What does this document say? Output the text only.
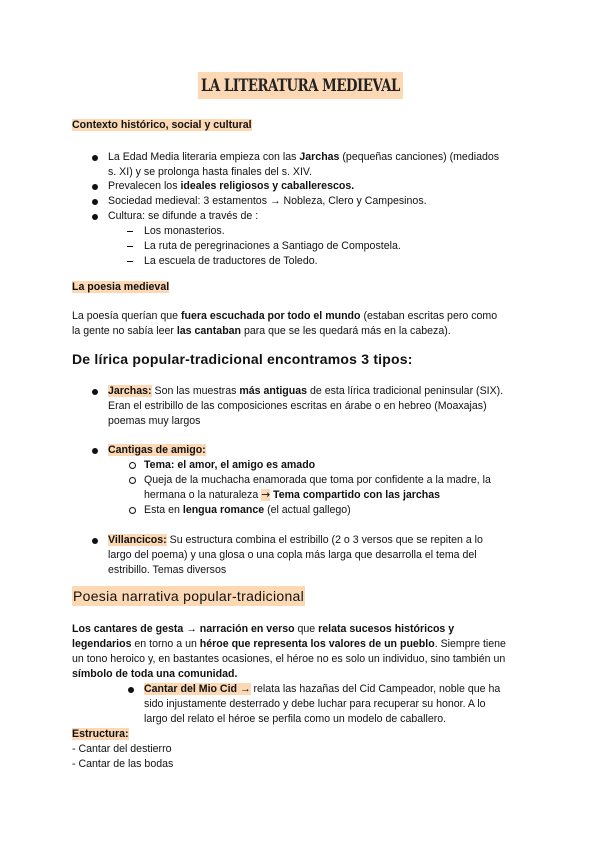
LA LITERATURA MEDIEVAL
Contexto histórico, social y cultural
La Edad Media literaria empieza con las Jarchas (pequeñas canciones) (mediados
s. XI) y se prolonga hasta finales del s. XIV.
Prevalecen los ideales religiosos y caballerescos.
Sociedad medieval: 3 estamentos → Nobleza, Clero y Campesinos.
Cultura: se difunde a través de :
Los monasterios.
La ruta de peregrinaciones a Santiago de Compostela.
La escuela de traductores de Toledo.
La poesia medieval
La poesía querían que fuera escuchada por todo el mundo (estaban escritas pero como
la gente no sabía leer las cantaban para que se les quedará más en la cabeza).
De lírica popular-tradicional encontramos 3 tipos:
Jarchas: Son las muestras más antiguas de esta lírica tradicional peninsular (SIX).
Eran el estribillo de las composiciones escritas en árabe o en hebreo (Moaxajas)
poemas muy largos
Cantigas de amigo:
Tema: el amor, el amigo es amado
Queja de la muchacha enamorada que toma por confidente a la madre, la
hermana o la naturaleza → Tema compartido con las jarchas
Esta en lengua romance (el actual gallego)
Villancicos: Su estructura combina el estribillo (2 o 3 versos que se repiten a lo
largo del poema) y una glosa o una copla más larga que desarrolla el tema del
estribillo. Temas diversos
Poesia narrativa popular-tradicional
Los cantares de gesta → narración en verso que relata sucesos históricos y
legendarios en torno a un héroe que representa los valores de un pueblo. Siempre tiene
un tono heroico y, en bastantes ocasiones, el héroe no es solo un individuo, sino también un
símbolo de toda una comunidad.
Cantar del Mio Cid → relata las hazañas del Cid Campeador, noble que ha
sido injustamente desterrado y debe luchar para recuperar su honor. A lo
largo del relato el héroe se perfila como un modelo de caballero.
Estructura:
- Cantar del destierro
- Cantar de las bodas
